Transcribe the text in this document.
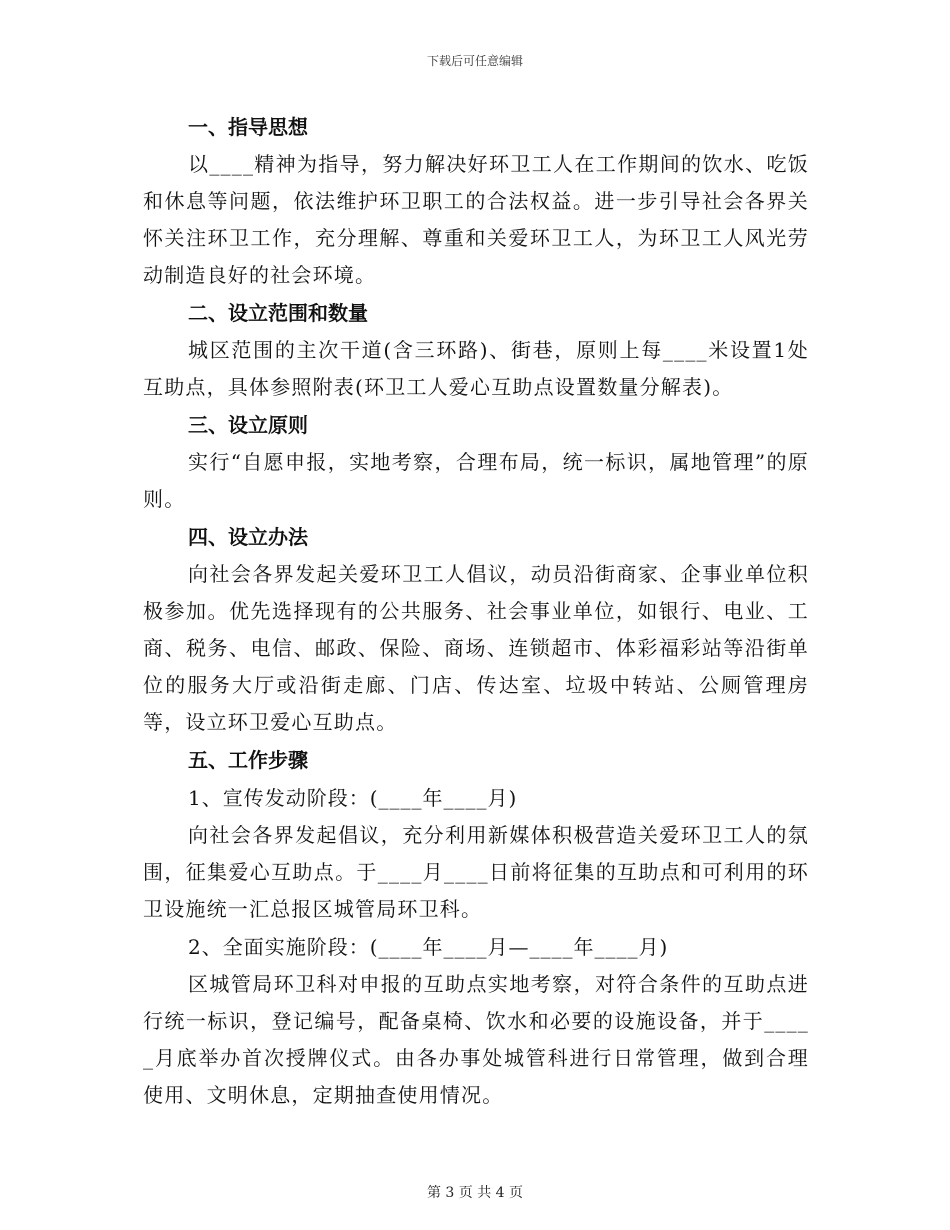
下载后可任意编辑
一、指导思想

以____精神为指导，努力解决好环卫工人在工作期间的饮水、吃饭和休息等问题，依法维护环卫职工的合法权益。进一步引导社会各界关怀关注环卫工作，充分理解、尊重和关爱环卫工人，为环卫工人风光劳动制造良好的社会环境。

二、设立范围和数量

城区范围的主次干道(含三环路)、街巷，原则上每____米设置1处互助点，具体参照附表(环卫工人爱心互助点设置数量分解表)。

三、设立原则

实行“自愿申报，实地考察，合理布局，统一标识，属地管理”的原则。

四、设立办法

向社会各界发起关爱环卫工人倡议，动员沿街商家、企事业单位积极参加。优先选择现有的公共服务、社会事业单位，如银行、电业、工商、税务、电信、邮政、保险、商场、连锁超市、体彩福彩站等沿街单位的服务大厅或沿街走廊、门店、传达室、垃圾中转站、公厕管理房等，设立环卫爱心互助点。

五、工作步骤

1、宣传发动阶段：(____年____月)

向社会各界发起倡议，充分利用新媒体积极营造关爱环卫工人的氛围，征集爱心互助点。于____月____日前将征集的互助点和可利用的环卫设施统一汇总报区城管局环卫科。

2、全面实施阶段：(____年____月—____年____月)

区城管局环卫科对申报的互助点实地考察，对符合条件的互助点进行统一标识，登记编号，配备桌椅、饮水和必要的设施设备，并于_____月底举办首次授牌仪式。由各办事处城管科进行日常管理，做到合理使用、文明休息，定期抽查使用情况。

第 3 页 共 4 页
